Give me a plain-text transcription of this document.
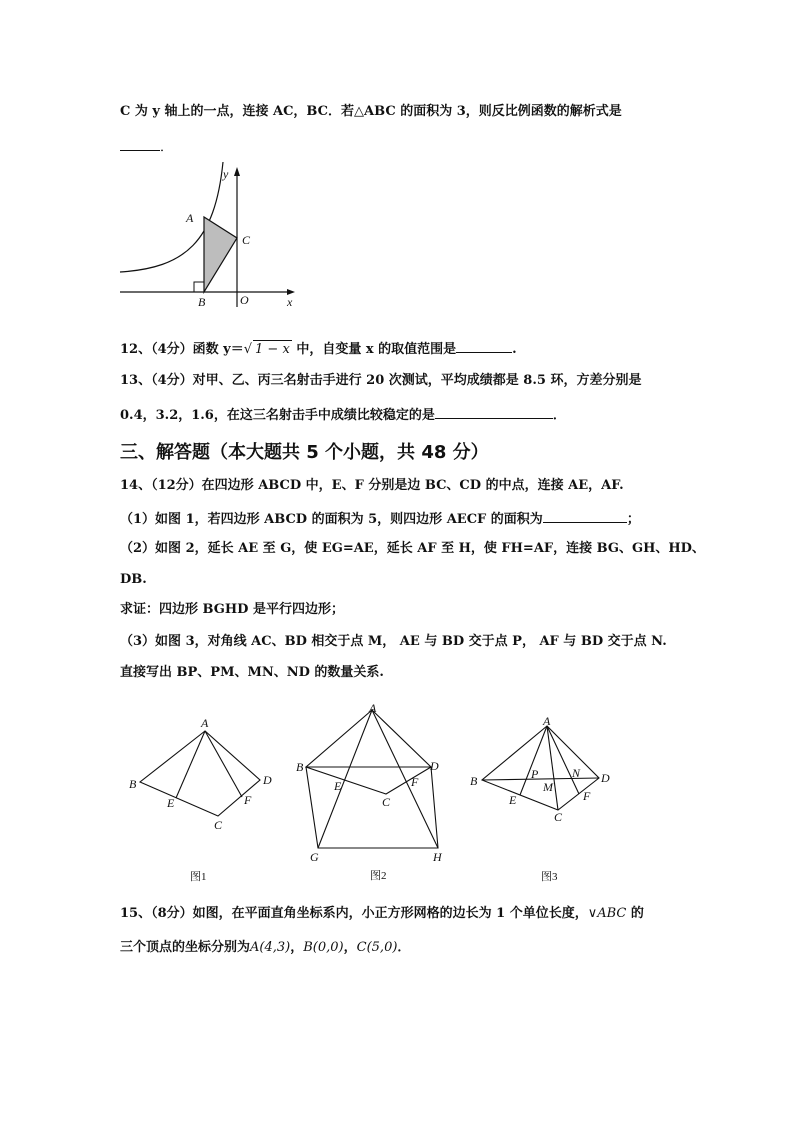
C 为 y 轴上的一点，连接 AC，BC．若△ABC 的面积为 3，则反比例函数的解析式是
．
y
A
C
B	O	x
12、（4分）函数 y＝√ 1 − x 中，自变量 x 的取值范围是	.
13、（4分）对甲、乙、丙三名射击手进行 20 次测试，平均成绩都是 8.5 环，方差分别是
0.4，3.2，1.6，在这三名射击手中成绩比较稳定的是	．
三、解答题（本大题共 5 个小题，共 48 分）
14、（12分）在四边形 ABCD 中，E、F 分别是边 BC、CD 的中点，连接 AE，AF.
（1）如图 1，若四边形 ABCD 的面积为 5，则四边形 AECF 的面积为	；
（2）如图 2，延长 AE 至 G，使 EG=AE，延长 AF 至 H，使 FH=AF，连接 BG、GH、HD、
DB.
求证：四边形 BGHD 是平行四边形；
（3）如图 3，对角线 AC、BD 相交于点 M， AE 与 BD 交于点 P， AF 与 BD 交于点 N.
直接写出 BP、PM、MN、ND 的数量关系.
A
B	D
E	F
C
图1
A
B	D
E	F
C
G	H
图2
A
B	D
P	N
M
E	F
C
图3
15、（8分）如图，在平面直角坐标系内，小正方形网格的边长为 1 个单位长度，∨ABC 的
三个顶点的坐标分别为A(4,3)，B(0,0)，C(5,0)．
